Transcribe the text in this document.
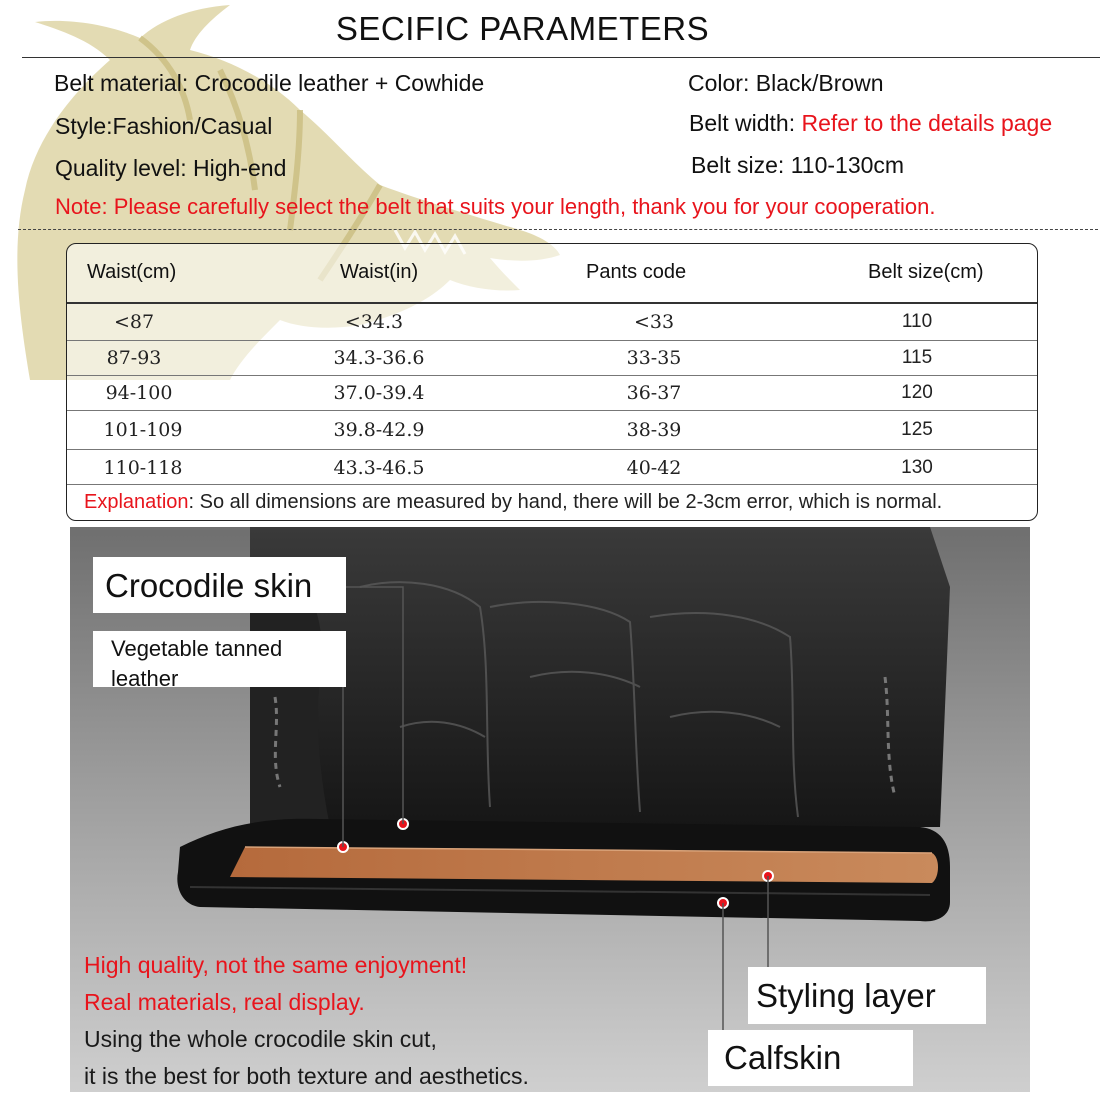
SECIFIC PARAMETERS
Belt material: Crocodile leather + Cowhide
Style:Fashion/Casual
Quality level: High-end
Color: Black/Brown
Belt width: Refer to the details page
Belt size: 110-130cm
Note: Please carefully select the belt that suits your length, thank you for your cooperation.
Waist(cm)	Waist(in)	Pants code	Belt size(cm)
<87	<34.3	<33	110
87-93	34.3-36.6	33-35	115
94-100	37.0-39.4	36-37	120
101-109	39.8-42.9	38-39	125
110-118	43.3-46.5	40-42	130
Explanation: So all dimensions are measured by hand, there will be 2-3cm error, which is normal.
Crocodile skin
Vegetable tanned
leather
Styling layer
Calfskin
High quality, not the same enjoyment!
Real materials, real display.
Using the whole crocodile skin cut,
it is the best for both texture and aesthetics.
